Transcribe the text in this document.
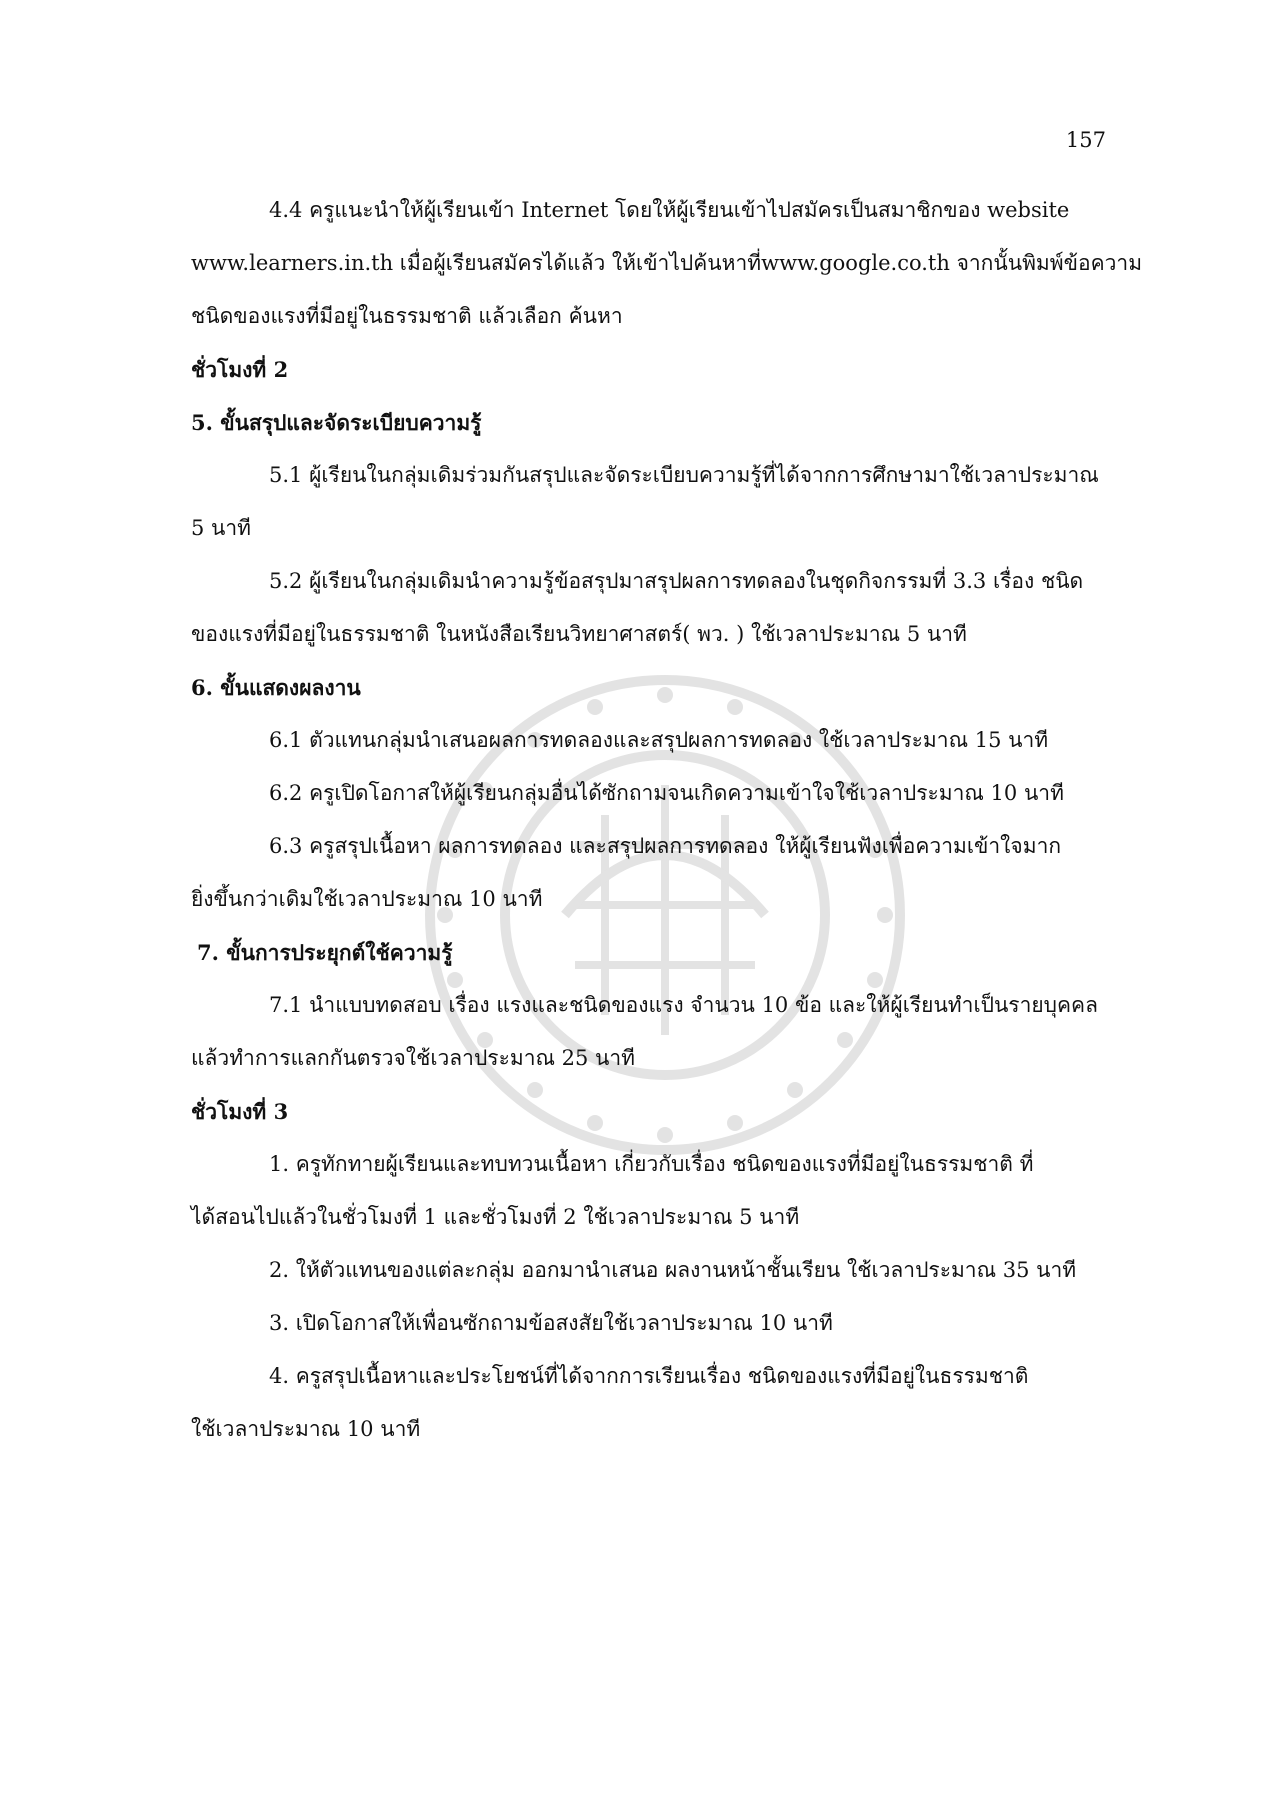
157
4.4 ครูแนะนำให้ผู้เรียนเข้า Internet โดยให้ผู้เรียนเข้าไปสมัครเป็นสมาชิกของ website
www.learners.in.th เมื่อผู้เรียนสมัครได้แล้ว ให้เข้าไปค้นหาที่www.google.co.th จากนั้นพิมพ์ข้อความ
ชนิดของแรงที่มีอยู่ในธรรมชาติ แล้วเลือก ค้นหา
ชั่วโมงที่ 2
5. ขั้นสรุปและจัดระเบียบความรู้
5.1 ผู้เรียนในกลุ่มเดิมร่วมกันสรุปและจัดระเบียบความรู้ที่ได้จากการศึกษามาใช้เวลาประมาณ
5 นาที
5.2 ผู้เรียนในกลุ่มเดิมนำความรู้ข้อสรุปมาสรุปผลการทดลองในชุดกิจกรรมที่ 3.3 เรื่อง ชนิด
ของแรงที่มีอยู่ในธรรมชาติ ในหนังสือเรียนวิทยาศาสตร์( พว. ) ใช้เวลาประมาณ 5 นาที
6. ขั้นแสดงผลงาน
6.1 ตัวแทนกลุ่มนำเสนอผลการทดลองและสรุปผลการทดลอง ใช้เวลาประมาณ 15 นาที
6.2 ครูเปิดโอกาสให้ผู้เรียนกลุ่มอื่นได้ซักถามจนเกิดความเข้าใจใช้เวลาประมาณ 10 นาที
6.3 ครูสรุปเนื้อหา ผลการทดลอง และสรุปผลการทดลอง ให้ผู้เรียนฟังเพื่อความเข้าใจมาก
ยิ่งขึ้นกว่าเดิมใช้เวลาประมาณ 10 นาที
7. ขั้นการประยุกต์ใช้ความรู้
7.1 นำแบบทดสอบ เรื่อง แรงและชนิดของแรง จำนวน 10 ข้อ และให้ผู้เรียนทำเป็นรายบุคคล
แล้วทำการแลกกันตรวจใช้เวลาประมาณ 25 นาที
ชั่วโมงที่ 3
1. ครูทักทายผู้เรียนและทบทวนเนื้อหา เกี่ยวกับเรื่อง ชนิดของแรงที่มีอยู่ในธรรมชาติ ที่
ได้สอนไปแล้วในชั่วโมงที่ 1 และชั่วโมงที่ 2 ใช้เวลาประมาณ 5 นาที
2. ให้ตัวแทนของแต่ละกลุ่ม ออกมานำเสนอ ผลงานหน้าชั้นเรียน ใช้เวลาประมาณ 35 นาที
3. เปิดโอกาสให้เพื่อนซักถามข้อสงสัยใช้เวลาประมาณ 10 นาที
4. ครูสรุปเนื้อหาและประโยชน์ที่ได้จากการเรียนเรื่อง ชนิดของแรงที่มีอยู่ในธรรมชาติ
ใช้เวลาประมาณ 10 นาที
